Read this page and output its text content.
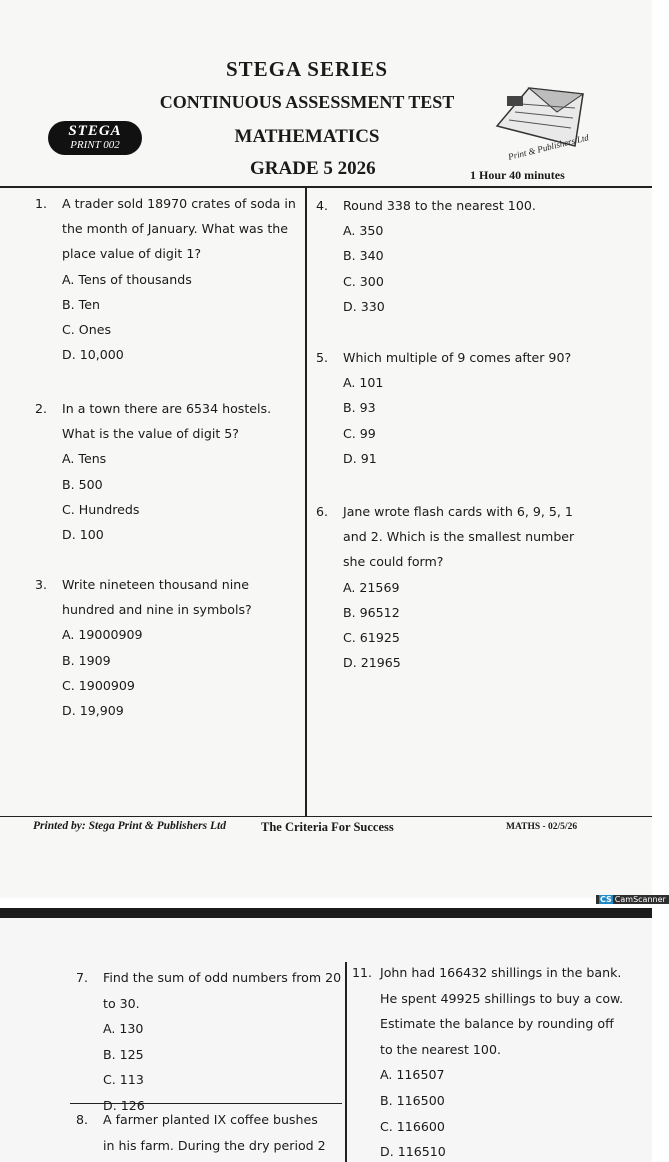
STEGA SERIES
CONTINUOUS ASSESSMENT TEST
STEGA
PRINT 002	MATHEMATICS	Print & Publishers Ltd
GRADE 5 2026	1 Hour 40 minutes
1. A trader sold 18970 crates of soda in
the month of January. What was the
place value of digit 1?
A. Tens of thousands
B. Ten
C. Ones
D. 10,000
2. In a town there are 6534 hostels.
What is the value of digit 5?
A. Tens
B. 500
C. Hundreds
D. 100
3. Write nineteen thousand nine
hundred and nine in symbols?
A. 19000909
B. 1909
C. 1900909
D. 19,909
4. Round 338 to the nearest 100.
A. 350
B. 340
C. 300
D. 330
5. Which multiple of 9 comes after 90?
A. 101
B. 93
C. 99
D. 91
6. Jane wrote flash cards with 6, 9, 5, 1
and 2. Which is the smallest number
she could form?
A. 21569
B. 96512
C. 61925
D. 21965
Printed by: Stega Print & Publishers Ltd	The Criteria For Success	MATHS - 02/5/26
CS CamScanner
7. Find the sum of odd numbers from 20
to 30.
A. 130
B. 125
C. 113
D. 126
8. A farmer planted IX coffee bushes
in his farm. During the dry period 2
11. John had 166432 shillings in the bank.
He spent 49925 shillings to buy a cow.
Estimate the balance by rounding off
to the nearest 100.
A. 116507
B. 116500
C. 116600
D. 116510
